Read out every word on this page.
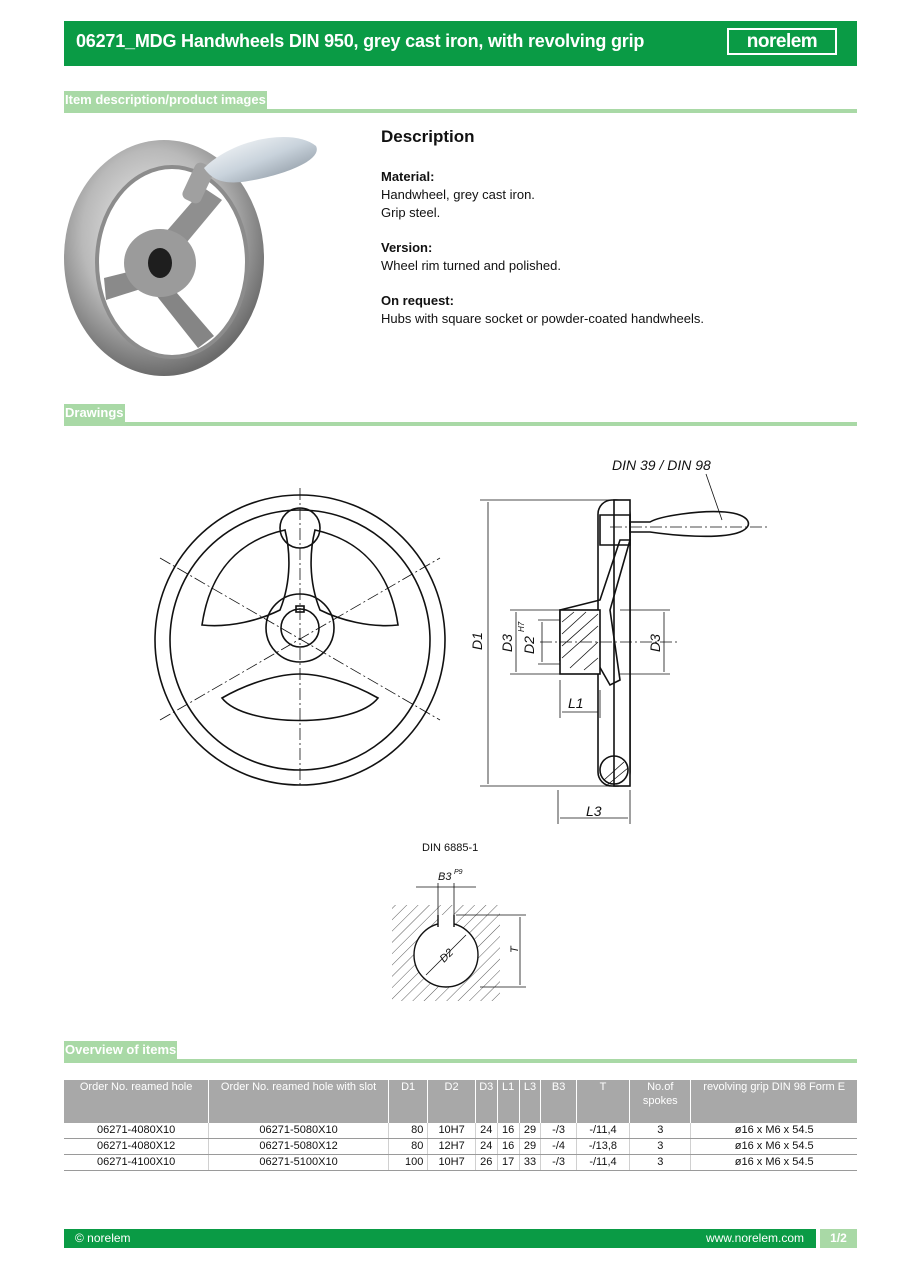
06271_MDG Handwheels DIN 950, grey cast iron, with revolving grip	norelem
Item description/product images
Description
Material:
Handwheel, grey cast iron.
Grip steel.
Version:
Wheel rim turned and polished.
On request:
Hubs with square socket or powder-coated handwheels.
Drawings
DIN 39 / DIN 98
D1 D3 D2
H7
D3
L1
L3
DIN 6885-1
B3 P9
D2	T
Overview of items
Order No. reamed hole	Order No. reamed hole with slot	D1	D2	D3	L1	L3	B3	T	No.of spokes	revolving grip DIN 98 Form E
06271-4080X10	06271-5080X10	80	10H7	24	16	29	-/3	-/11,4	3	ø16 x M6 x 54.5
06271-4080X12	06271-5080X12	80	12H7	24	16	29	-/4	-/13,8	3	ø16 x M6 x 54.5
06271-4100X10	06271-5100X10	100	10H7	26	17	33	-/3	-/11,4	3	ø16 x M6 x 54.5
© norelem	www.norelem.com	1/2
